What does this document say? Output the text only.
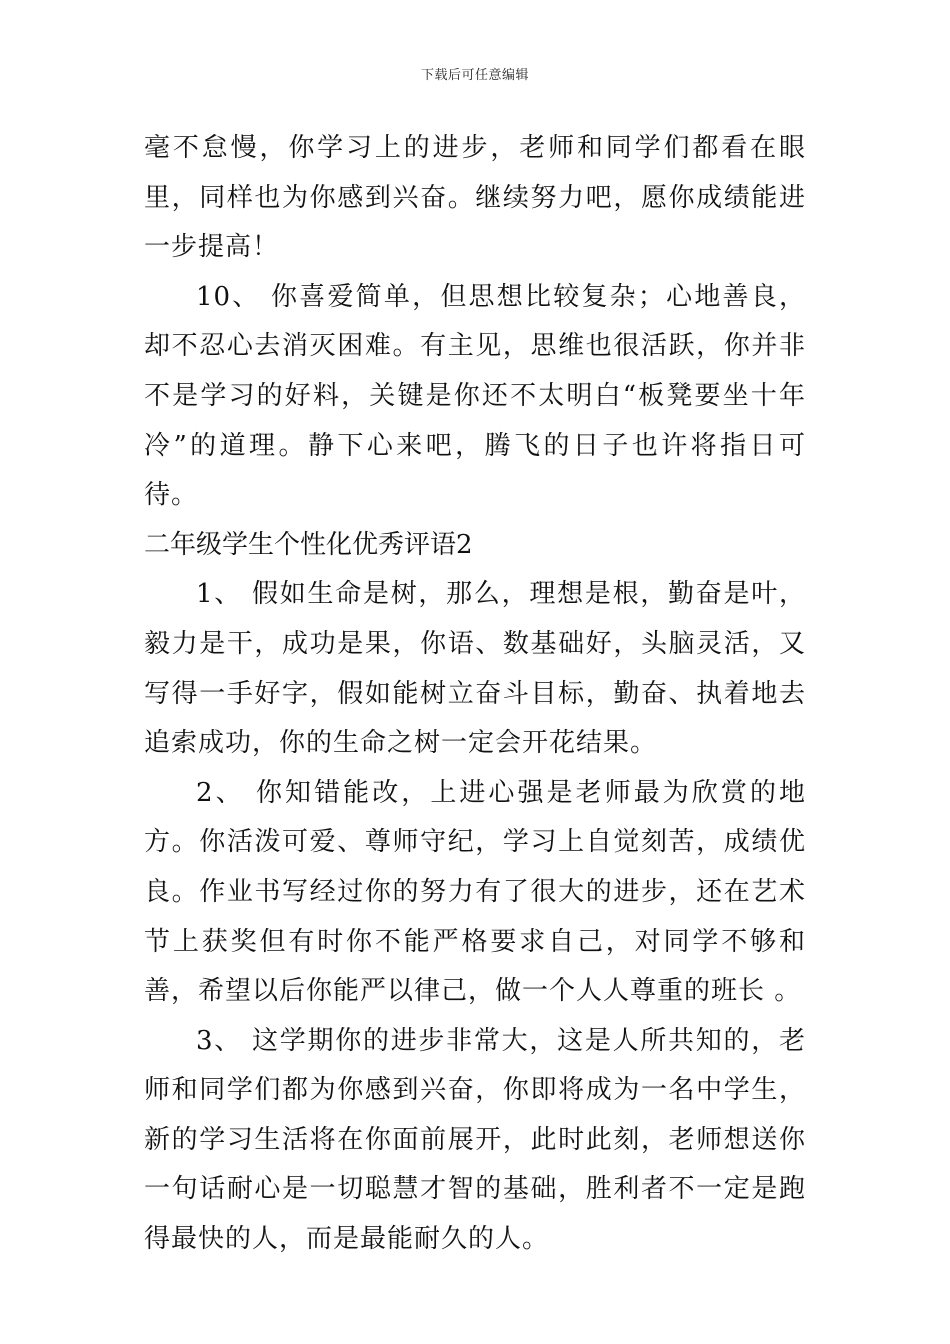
下载后可任意编辑

毫不怠慢，你学习上的进步，老师和同学们都看在眼里，同样也为你感到兴奋。继续努力吧，愿你成绩能进一步提高！

10、 你喜爱简单，但思想比较复杂；心地善良，却不忍心去消灭困难。有主见，思维也很活跃，你并非不是学习的好料，关键是你还不太明白“板凳要坐十年冷”的道理。静下心来吧，腾飞的日子也许将指日可待。

二年级学生个性化优秀评语2

1、 假如生命是树，那么，理想是根，勤奋是叶，毅力是干，成功是果，你语、数基础好，头脑灵活，又写得一手好字，假如能树立奋斗目标，勤奋、执着地去追索成功，你的生命之树一定会开花结果。

2、 你知错能改，上进心强是老师最为欣赏的地方。你活泼可爱、尊师守纪，学习上自觉刻苦，成绩优良。作业书写经过你的努力有了很大的进步，还在艺术节上获奖但有时你不能严格要求自己，对同学不够和善，希望以后你能严以律己，做一个人人尊重的班长 。

3、 这学期你的进步非常大，这是人所共知的，老师和同学们都为你感到兴奋，你即将成为一名中学生，新的学习生活将在你面前展开，此时此刻，老师想送你一句话耐心是一切聪慧才智的基础，胜利者不一定是跑得最快的人，而是最能耐久的人。
